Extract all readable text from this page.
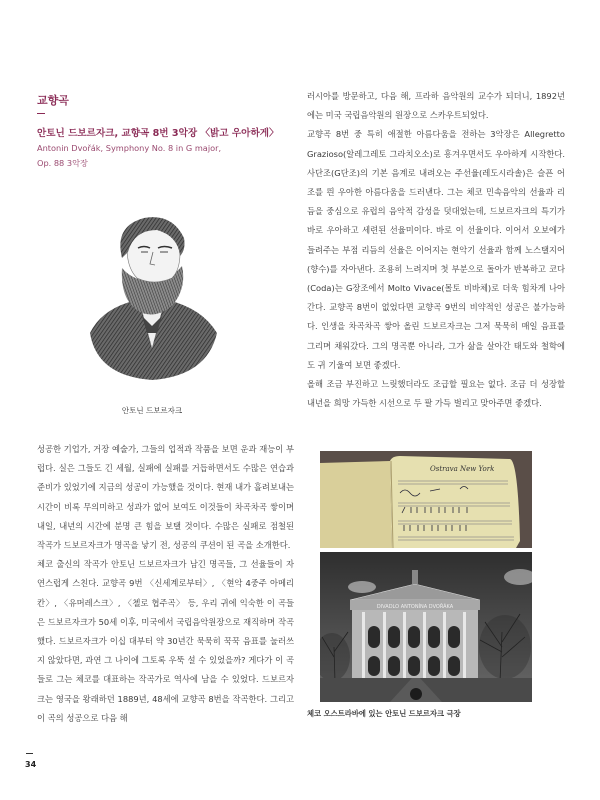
교향곡
안토닌 드보르자크, 교향곡 8번 3악장 〈밝고 우아하게〉
Antonin Dvořák, Symphony No. 8 in G major,
Op. 88 3악장
안토닌 드보르자크

러시아를 방문하고, 다음 해, 프라하 음악원의 교수가 되더니, 1892년에는 미국 국립음악원의 원장으로 스카우트되었다.

교향곡 8번 중 특히 애절한 아름다움을 전하는 3악장은 Allegretto Grazioso(알레그레토 그라치오소)로 흥겨우면서도 우아하게 시작한다. 사단조(G단조)의 기본 음계로 내려오는 주선율(레도시라솔)은 슬픈 어조를 띈 우아한 아름다움을 드러낸다. 그는 체코 민속음악의 선율과 리듬을 중심으로 유럽의 음악적 감성을 덧대었는데, 드보르자크의 특기가 바로 우아하고 세련된 선율미이다. 바로 이 선율이다. 이어서 오보에가 들려주는 부점 리듬의 선율은 이어지는 현악기 선율과 함께 노스탤지어(향수)를 자아낸다. 조용히 느려지며 첫 부분으로 돌아가 반복하고 코다(Coda)는 G장조에서 Molto Vivace(몰토 비바체)로 더욱 힘차게 나아간다. 교향곡 8번이 없었다면 교향곡 9번의 비약적인 성공은 불가능하다. 인생을 차곡차곡 쌓아 올린 드보르자크는 그저 묵묵히 매일 음표를 그리며 채워갔다. 그의 명곡뿐 아니라, 그가 삶을 살아간 태도와 철학에도 귀 기울여 보면 좋겠다.

올해 조금 부진하고 느릿했더라도 조급할 필요는 없다. 조금 더 성장할 내년을 희망 가득한 시선으로 두 팔 가득 벌리고 맞아주면 좋겠다.

성공한 기업가, 거장 예술가, 그들의 업적과 작품을 보면 운과 재능이 부럽다. 실은 그들도 긴 세월, 실패에 실패를 거듭하면서도 수많은 연습과 준비가 있었기에 지금의 성공이 가능했을 것이다. 현재 내가 흘려보내는 시간이 비록 무의미하고 성과가 없어 보여도 이것들이 차곡차곡 쌓이며 내일, 내년의 시간에 분명 큰 힘을 보탤 것이다. 수많은 실패로 점철된 작곡가 드보르자크가 명곡을 낳기 전, 성공의 쿠션이 된 곡을 소개한다.

체코 출신의 작곡가 안토닌 드보르자크가 남긴 명곡들, 그 선율들이 자연스럽게 스친다. 교향곡 9번 〈신세계로부터〉, 〈현악 4중주 아메리칸〉, 〈유머레스크〉, 〈첼로 협주곡〉 등, 우리 귀에 익숙한 이 곡들은 드보르자크가 50세 이후, 미국에서 국립음악원장으로 재직하며 작곡했다. 드보르자크가 이십 대부터 약 30년간 묵묵히 꾹꾹 음표를 눌러쓰지 않았다면, 과연 그 나이에 그토록 우뚝 설 수 있었을까? 게다가 이 곡들로 그는 체코를 대표하는 작곡가로 역사에 남을 수 있었다. 드보르자크는 영국을 왕래하던 1889년, 48세에 교향곡 8번을 작곡한다. 그리고 이 곡의 성공으로 다음 해

Ostrava New York
DIVADLO ANTONÍNA DVOŘÁKA
체코 오스트라바에 있는 안토닌 드보르자크 극장
34
